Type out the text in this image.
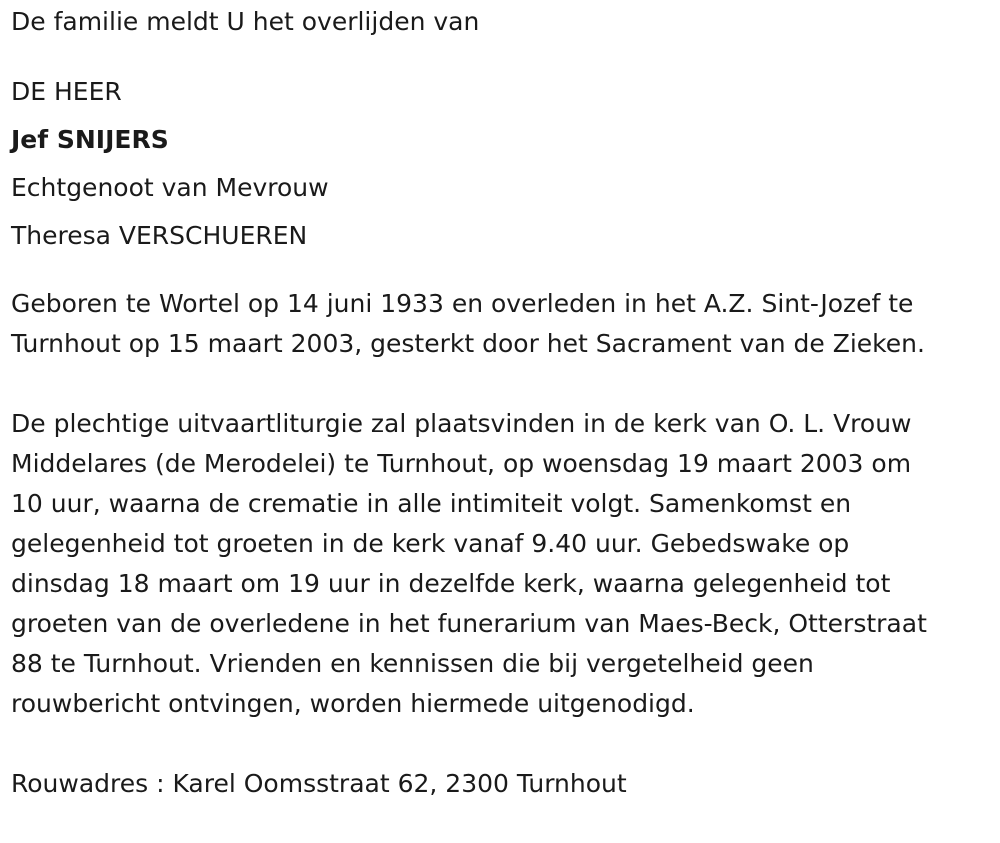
De familie meldt U het overlijden van

DE HEER

Jef SNIJERS

Echtgenoot van Mevrouw

Theresa VERSCHUEREN

Geboren te Wortel op 14 juni 1933 en overleden in het A.Z. Sint-Jozef te
Turnhout op 15 maart 2003, gesterkt door het Sacrament van de Zieken.
De plechtige uitvaartliturgie zal plaatsvinden in de kerk van O. L. Vrouw
Middelares (de Merodelei) te Turnhout, op woensdag 19 maart 2003 om
10 uur, waarna de crematie in alle intimiteit volgt. Samenkomst en
gelegenheid tot groeten in de kerk vanaf 9.40 uur. Gebedswake op
dinsdag 18 maart om 19 uur in dezelfde kerk, waarna gelegenheid tot
groeten van de overledene in het funerarium van Maes-Beck, Otterstraat
88 te Turnhout. Vrienden en kennissen die bij vergetelheid geen
rouwbericht ontvingen, worden hiermede uitgenodigd.

Rouwadres : Karel Oomsstraat 62, 2300 Turnhout
